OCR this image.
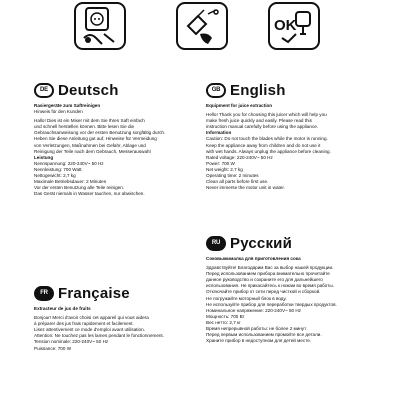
OK
DE Deutsch
Rasiergeräte zum Saftreinigen
Hinweis für den Kunden
Hallo! Dies ist ein Mixer mit dem Sie Ihren Saft einfach
und schnell herstellen können. Bitte lesen Sie die
Gebrauchsanweisung vor der ersten Benutzung sorgfältig durch.
Heben Sie diese Anleitung gut auf, Hinweise für Vermeidung
von Verletzungen, Maßnahmen bei Gefahr, Ablage und
Reinigung der Teile nach dem Gebrauch, Messerauswahl
Leistung
Nennspannung: 220-240V~ 50 Hz
Nennleistung: 700 Watt
Nettogewicht: 2,7 kg
Maximale Betriebsdauer: 2 Minuten
Vor der ersten Benutzung alle Teile reinigen.
Das Gerät niemals in Wasser tauchen, nur abwischen.
GB English
Equipment for juice extraction
Hello! Thank you for choosing this juicer which will help you
make fresh juice quickly and easily. Please read this
instruction manual carefully before using the appliance.
Information
Caution: Do not touch the blades while the motor is running.
Keep the appliance away from children and do not use it
with wet hands. Always unplug the appliance before cleaning.
Rated voltage: 220-240V~ 50 Hz
Power: 700 W
Net weight: 2.7 kg
Operating time: 2 minutes
Clean all parts before first use.
Never immerse the motor unit in water.
FR Française
Extracteur de jus de fruits
Bonjour! Merci d'avoir choisi cet appareil qui vous aidera
à préparer des jus frais rapidement et facilement.
Lisez attentivement ce mode d'emploi avant utilisation.
Attention: Ne touchez pas les lames pendant le fonctionnement.
Tension nominale: 220-240V~ 50 Hz
Puissance: 700 W
RU Русский
Соковыжималка для приготовления сока
Здравствуйте! Благодарим Вас за выбор нашей продукции.
Перед использованием прибора внимательно прочитайте
данное руководство и сохраните его для дальнейшего
использования. Не прикасайтесь к ножам во время работы.
Отключайте прибор от сети перед чисткой и сборкой.
Не погружайте моторный блок в воду.
Не используйте прибор для переработки твердых продуктов.
Номинальное напряжение: 220-240V~ 50 Hz
Мощность: 700 Вт
Вес нетто: 2,7 кг
Время непрерывной работы: не более 2 минут
Перед первым использованием промойте все детали.
Храните прибор в недоступном для детей месте.
